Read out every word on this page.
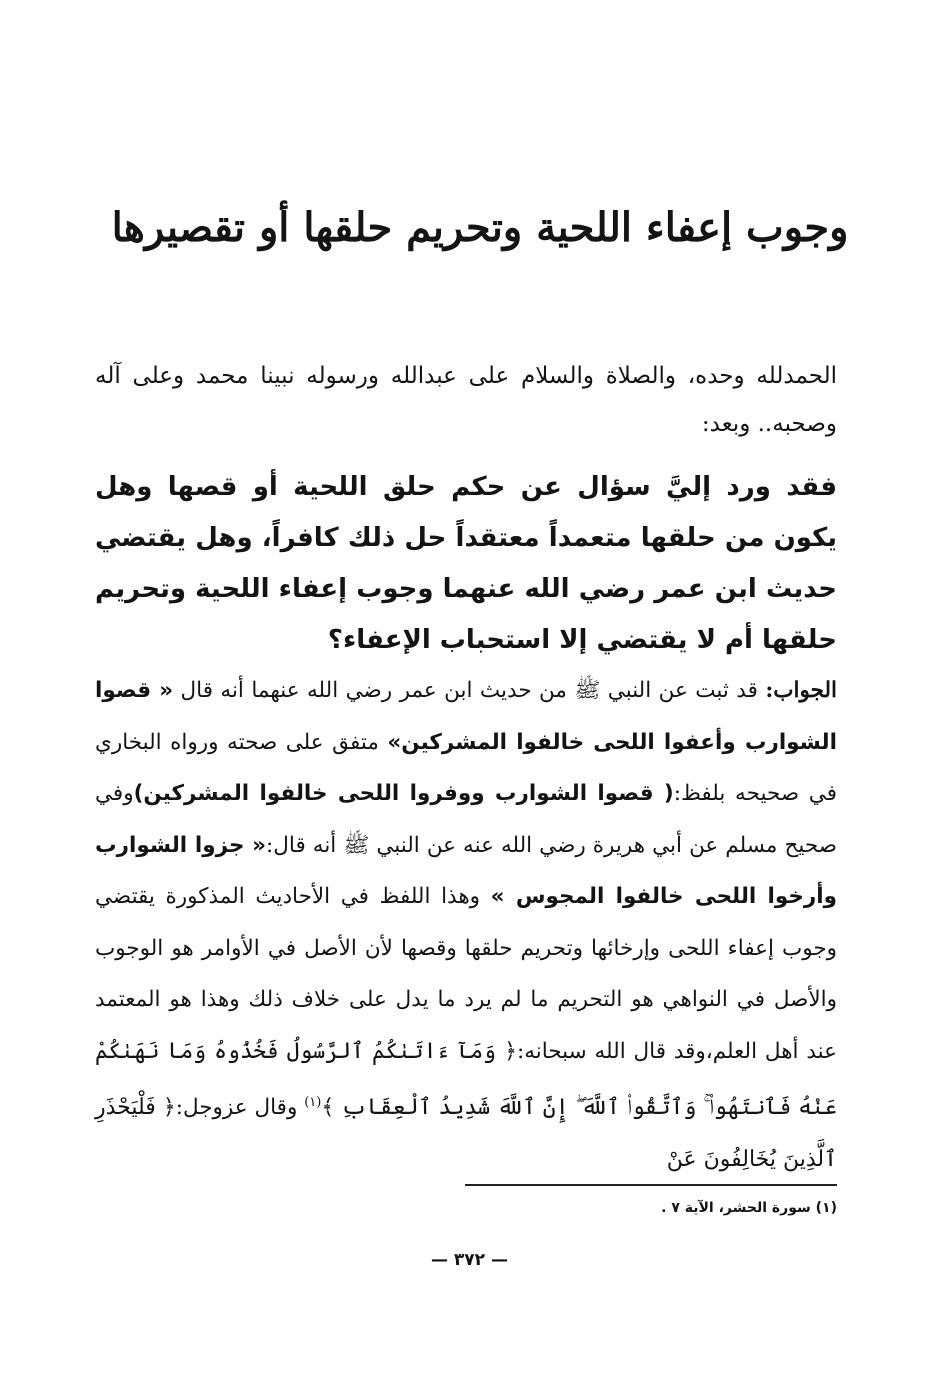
وجوب إعفاء اللحية وتحريم حلقها أو تقصيرها

الحمدلله وحده، والصلاة والسلام على عبدالله ورسوله نبينا محمد وعلى آله وصحبه.. وبعد:

فقد ورد إليَّ سؤال عن حكم حلق اللحية أو قصها وهل يكون من حلقها متعمداً معتقداً حل ذلك كافراً، وهل يقتضي حديث ابن عمر رضي الله عنهما وجوب إعفاء اللحية وتحريم حلقها أم لا يقتضي إلا استحباب الإعفاء؟

الجواب: قد ثبت عن النبي ﷺ من حديث ابن عمر رضي الله عنهما أنه قال « قصوا الشوارب وأعفوا اللحى خالفوا المشركين» متفق على صحته ورواه البخاري في صحيحه بلفظ:( قصوا الشوارب ووفروا اللحى خالفوا المشركين)وفي صحيح مسلم عن أبي هريرة رضي الله عنه عن النبي ﷺ أنه قال:« جزوا الشوارب وأرخوا اللحى خالفوا المجوس » وهذا اللفظ في الأحاديث المذكورة يقتضي وجوب إعفاء اللحى وإرخائها وتحريم حلقها وقصها لأن الأصل في الأوامر هو الوجوب والأصل في النواهي هو التحريم ما لم يرد ما يدل على خلاف ذلك وهذا هو المعتمد عند أهل العلم،وقد قال الله سبحانه:﴿ وَمَآ ءَاتَىٰكُمُ ٱلرَّسُولُ فَخُذُوهُ وَمَا نَهَىٰكُمْ عَنْهُ فَٱنتَهُوا۟ ۚ وَٱتَّقُوا۟ ٱللَّهَ ۖ إِنَّ ٱللَّهَ شَدِيدُ ٱلْعِقَابِ ﴾$^{(١)}$ وقال عزوجل:﴿ فَلْيَحْذَرِ ٱلَّذِينَ يُخَالِفُونَ عَنْ

(١) سورة الحشر، الآية ٧ .

— ٣٧٢ —
